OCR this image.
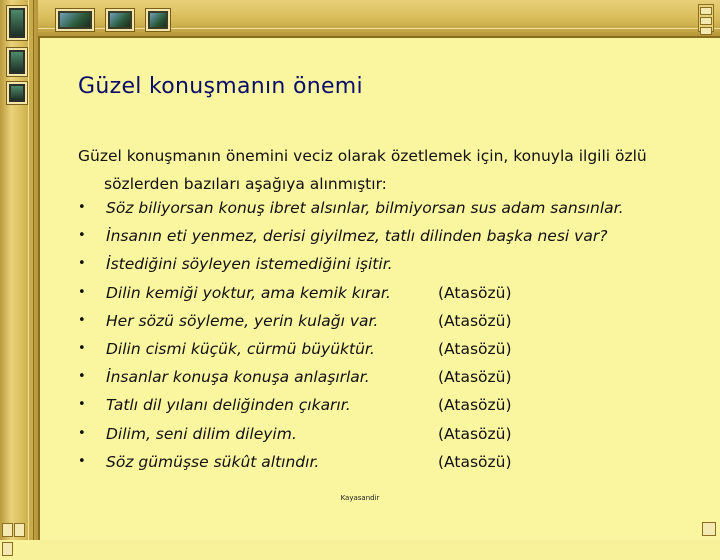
Güzel konuşmanın önemi

Güzel konuşmanın önemini veciz olarak özetlemek için, konuyla ilgili özlü
sözlerden bazıları aşağıya alınmıştır:

• Söz biliyorsan konuş ibret alsınlar, bilmiyorsan sus adam sansınlar.
• İnsanın eti yenmez, derisi giyilmez, tatlı dilinden başka nesi var?
• İstediğini söyleyen istemediğini işitir.
• Dilin kemiği yoktur, ama kemik kırar.	(Atasözü)
• Her sözü söyleme, yerin kulağı var.	(Atasözü)
• Dilin cismi küçük, cürmü büyüktür.	(Atasözü)
• İnsanlar konuşa konuşa anlaşırlar.	(Atasözü)
• Tatlı dil yılanı deliğinden çıkarır.	(Atasözü)
• Dilim, seni dilim dileyim.	(Atasözü)
• Söz gümüşse sükût altındır.	(Atasözü)
Kayasandir
